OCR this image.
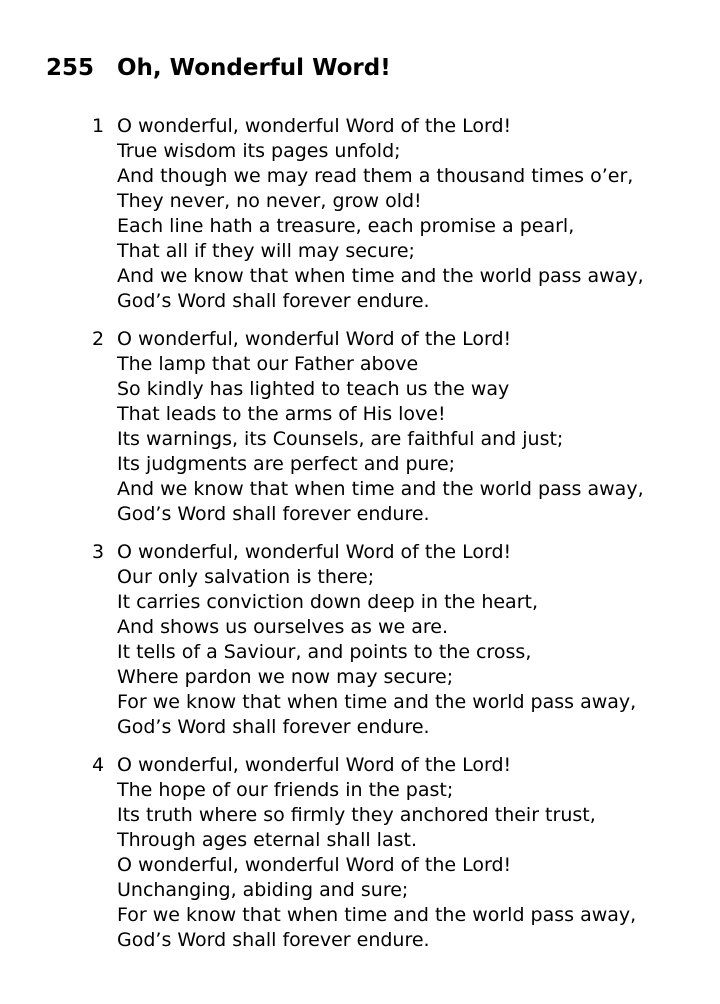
255 Oh, Wonderful Word!
1 O wonderful, wonderful Word of the Lord!
True wisdom its pages unfold;
And though we may read them a thousand times o’er,
They never, no never, grow old!
Each line hath a treasure, each promise a pearl,
That all if they will may secure;
And we know that when time and the world pass away,
God’s Word shall forever endure.
2 O wonderful, wonderful Word of the Lord!
The lamp that our Father above
So kindly has lighted to teach us the way
That leads to the arms of His love!
Its warnings, its Counsels, are faithful and just;
Its judgments are perfect and pure;
And we know that when time and the world pass away,
God’s Word shall forever endure.
3 O wonderful, wonderful Word of the Lord!
Our only salvation is there;
It carries conviction down deep in the heart,
And shows us ourselves as we are.
It tells of a Saviour, and points to the cross,
Where pardon we now may secure;
For we know that when time and the world pass away,
God’s Word shall forever endure.
4 O wonderful, wonderful Word of the Lord!
The hope of our friends in the past;
Its truth where so firmly they anchored their trust,
Through ages eternal shall last.
O wonderful, wonderful Word of the Lord!
Unchanging, abiding and sure;
For we know that when time and the world pass away,
God’s Word shall forever endure.
